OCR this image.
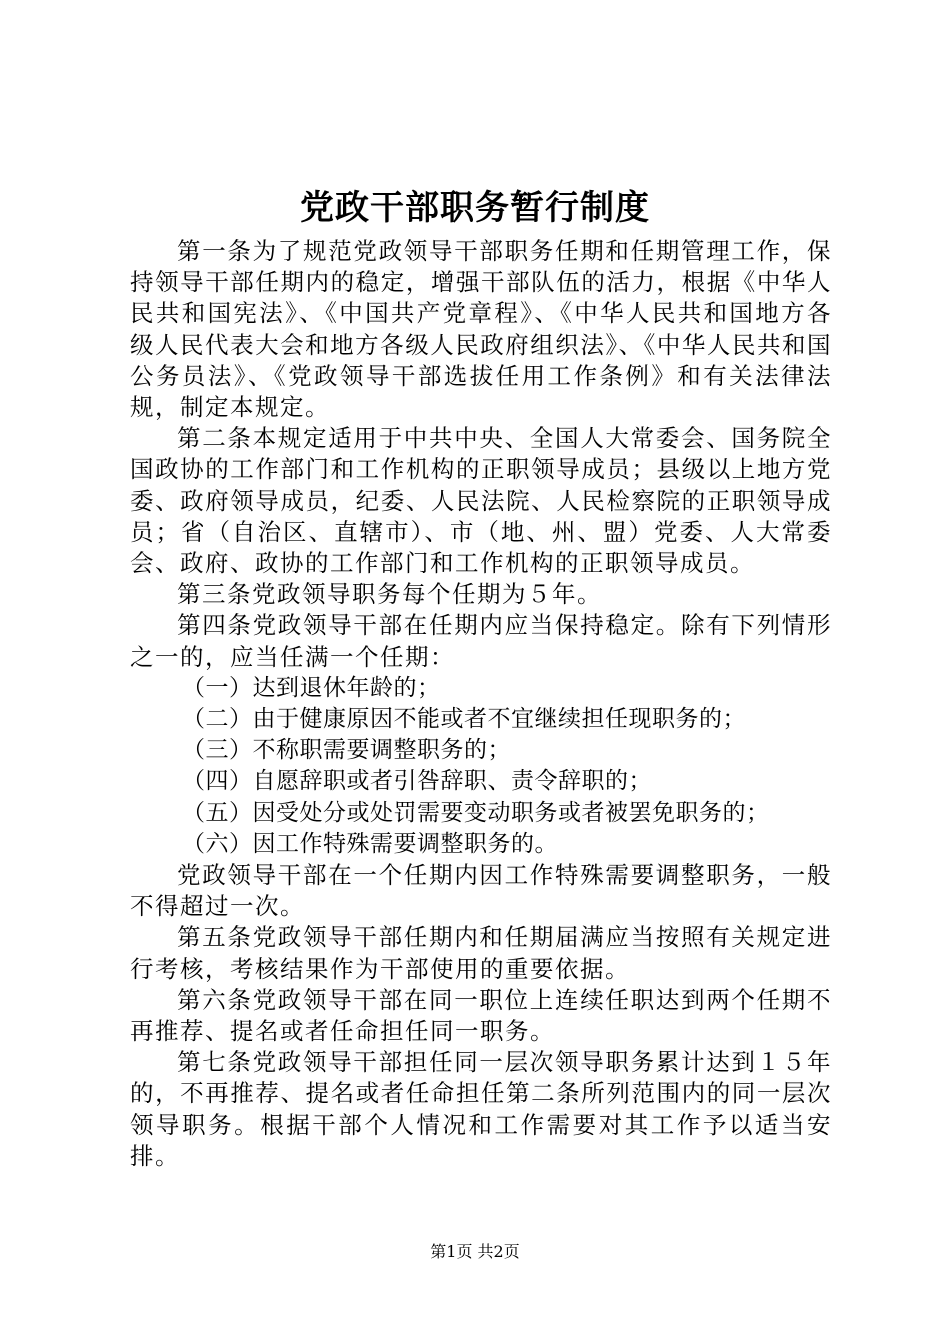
党政干部职务暂行制度

第一条为了规范党政领导干部职务任期和任期管理工作，保持领导干部任期内的稳定，增强干部队伍的活力，根据《中华人民共和国宪法》、《中国共产党章程》、《中华人民共和国地方各级人民代表大会和地方各级人民政府组织法》、《中华人民共和国公务员法》、《党政领导干部选拔任用工作条例》和有关法律法规，制定本规定。

第二条本规定适用于中共中央、全国人大常委会、国务院全国政协的工作部门和工作机构的正职领导成员；县级以上地方党委、政府领导成员，纪委、人民法院、人民检察院的正职领导成员；省（自治区、直辖市）、市（地、州、盟）党委、人大常委会、政府、政协的工作部门和工作机构的正职领导成员。

第三条党政领导职务每个任期为５年。

第四条党政领导干部在任期内应当保持稳定。除有下列情形之一的，应当任满一个任期：

（一）达到退休年龄的；

（二）由于健康原因不能或者不宜继续担任现职务的；

（三）不称职需要调整职务的；

（四）自愿辞职或者引咎辞职、责令辞职的；

（五）因受处分或处罚需要变动职务或者被罢免职务的；

（六）因工作特殊需要调整职务的。

党政领导干部在一个任期内因工作特殊需要调整职务，一般不得超过一次。

第五条党政领导干部任期内和任期届满应当按照有关规定进行考核，考核结果作为干部使用的重要依据。

第六条党政领导干部在同一职位上连续任职达到两个任期不再推荐、提名或者任命担任同一职务。

第七条党政领导干部担任同一层次领导职务累计达到１５年的，不再推荐、提名或者任命担任第二条所列范围内的同一层次领导职务。根据干部个人情况和工作需要对其工作予以适当安排。

第1页 共2页
